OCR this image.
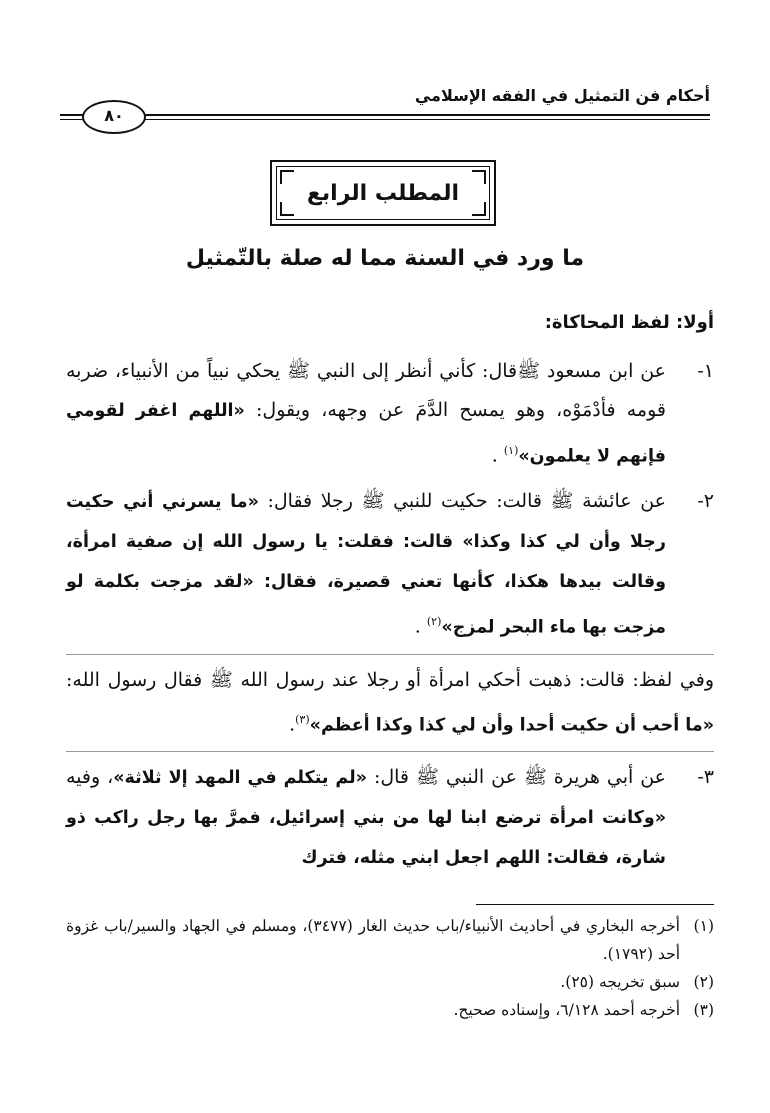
أحكام فن التمثيل في الفقه الإسلامي
٨٠
المطلب الرابع
ما ورد في السنة مما له صلة بالتّمثيل
أولا: لفظ المحاكاة:
١-
عن ابن مسعود ﷺقال: كأني أنظر إلى النبي ﷺ يحكي نبياً من الأنبياء، ضربه قومه فأدْمَوْه، وهو يمسح الدَّمَ عن وجهه، ويقول: «اللهم اغفر لقومي فإنهم لا يعلمون»$^{(١)}$ .
٢-
عن عائشة ﷺ قالت: حكيت للنبي ﷺ رجلا فقال: «ما يسرني أني حكيت رجلا وأن لي كذا وكذا» قالت: فقلت: يا رسول الله إن صفية امرأة، وقالت بيدها هكذا، كأنها تعني قصيرة، فقال: «لقد مزجت بكلمة لو مزجت بها ماء البحر لمزج»$^{(٢)}$ .
وفي لفظ: قالت: ذهبت أحكي امرأة أو رجلا عند رسول الله ﷺ فقال رسول الله: «ما أحب أن حكيت أحدا وأن لي كذا وكذا أعظم»$^{(٣)}$.
٣-
عن أبي هريرة ﷺ عن النبي ﷺ قال: «لم يتكلم في المهد إلا ثلاثة»، وفيه «وكانت امرأة ترضع ابنا لها من بني إسرائيل، فمرَّ بها رجل راكب ذو شارة، فقالت: اللهم اجعل ابني مثله، فترك
(١)
أخرجه البخاري في أحاديث الأنبياء/باب حديث الغار (٣٤٧٧)، ومسلم في الجهاد والسير/باب غزوة أحد (١٧٩٢).
(٢)
سبق تخريجه (٢٥).
(٣)
أخرجه أحمد ٦/١٢٨، وإسناده صحيح.
